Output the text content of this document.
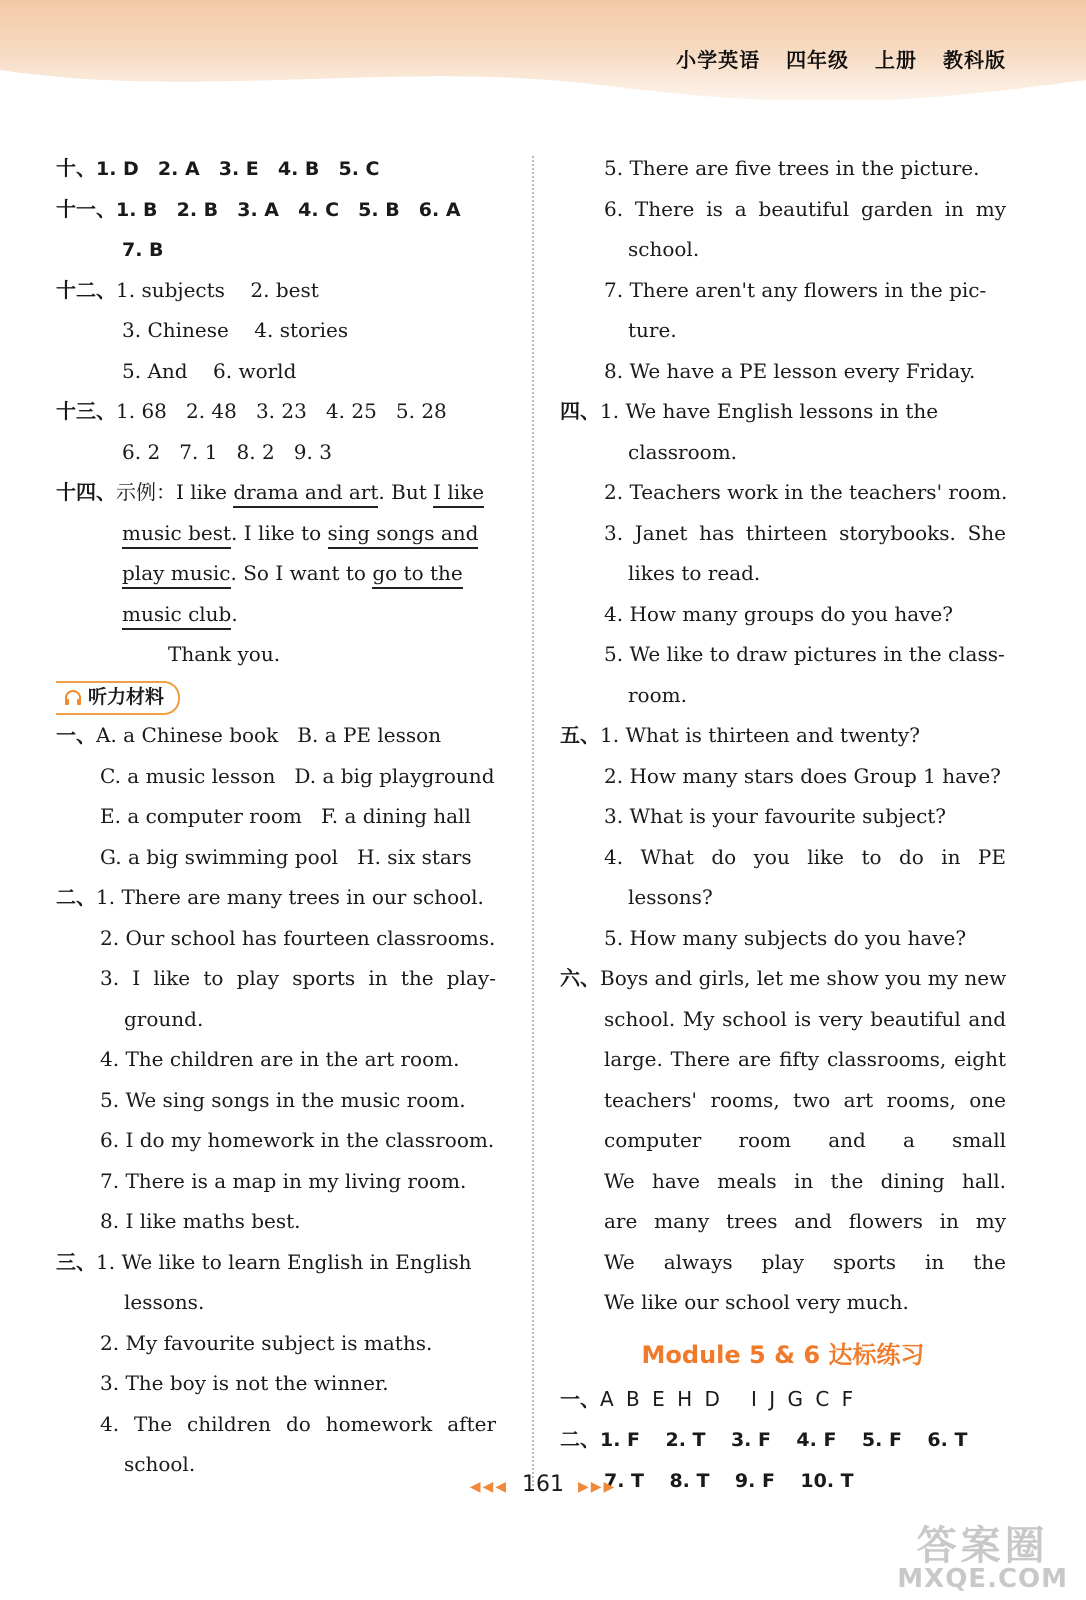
小学英语 四年级 上册 教科版
十、1. D 2. A 3. E 4. B 5. C
十一、1. B 2. B 3. A 4. C 5. B 6. A
7. B
十二、1. subjects 2. best
3. Chinese 4. stories
5. And 6. world
十三、1. 68 2. 48 3. 23 4. 25 5. 28
6. 2 7. 1 8. 2 9. 3
十四、示例：I like drama and art. But I like
music best. I like to sing songs and
play music. So I want to go to the
music club.
Thank you.
听力材料
一、A. a Chinese book B. a PE lesson
C. a music lesson D. a big playground
E. a computer room F. a dining hall
G. a big swimming pool H. six stars
二、1. There are many trees in our school.
2. Our school has fourteen classrooms.
3. I like to play sports in the play-
ground.
4. The children are in the art room.
5. We sing songs in the music room.
6. I do my homework in the classroom.
7. There is a map in my living room.
8. I like maths best.
三、1. We like to learn English in English
lessons.
2. My favourite subject is maths.
3. The boy is not the winner.
4. The children do homework after
school.
5. There are five trees in the picture.
6. There is a beautiful garden in my
school.
7. There aren't any flowers in the pic-
ture.
8. We have a PE lesson every Friday.
四、1. We have English lessons in the
classroom.
2. Teachers work in the teachers' room.
3. Janet has thirteen storybooks. She
likes to read.
4. How many groups do you have?
5. We like to draw pictures in the class-
room.
五、1. What is thirteen and twenty?
2. How many stars does Group 1 have?
3. What is your favourite subject?
4. What do you like to do in PE
lessons?
5. How many subjects do you have?
六、 Boys and girls, let me show you my new
school. My school is very beautiful and
large. There are fifty classrooms, eight
teachers' rooms, two art rooms, one
computer room and a small
We have meals in the dining hall.
are many trees and flowers in my
We always play sports in the
We like our school very much.
Module 5 & 6 达标练习
一、A B E H D   I J G C F
二、1. F 2. T 3. F 4. F 5. F 6. T
7. T 8. T 9. F 10. T
◀◀◀ 161 ▶▶▶
答案圈
MXQE.COM
